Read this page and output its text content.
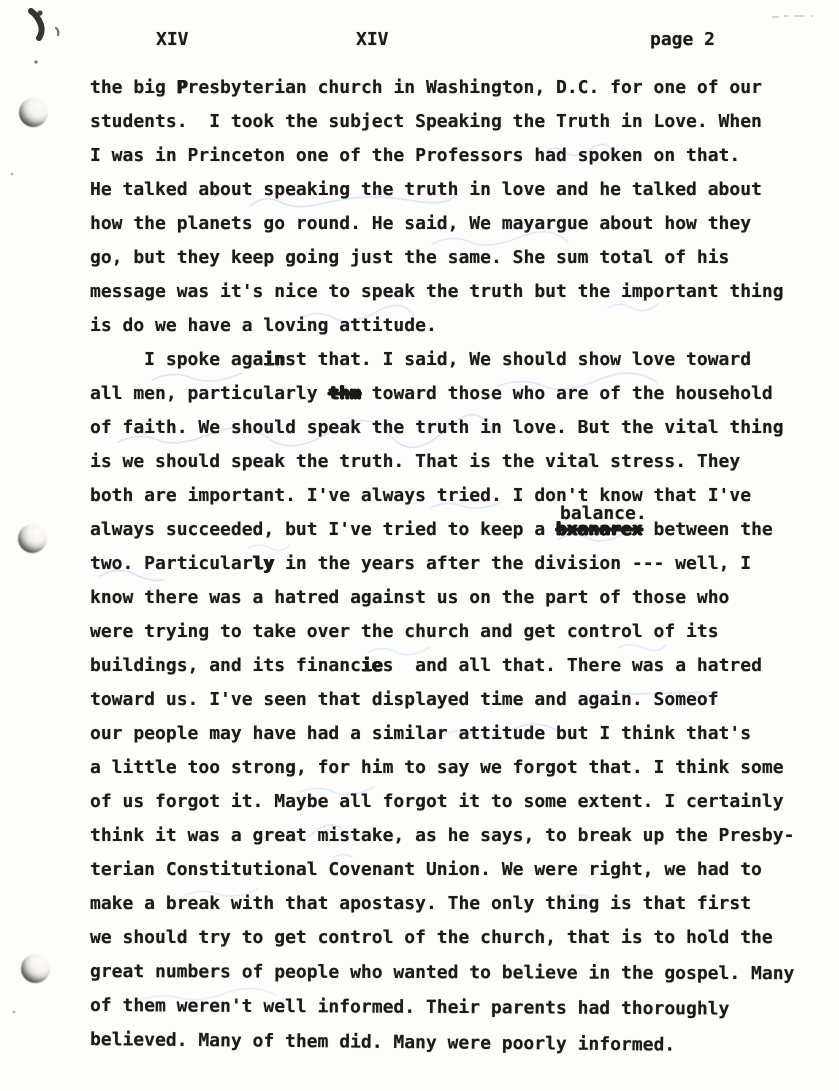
XIV	XIV	page 2
the big Presbyterian church in Washington, D.C. for one of our
students.  I took the subject Speaking the Truth in Love. When
I was in Princeton one of the Professors had spoken on that.
He talked about speaking the truth in love and he talked about
how the planets go round. He said, We mayargue about how they
go, but they keep going just the same. She sum total of his
message was it's nice to speak the truth but the important thing
is do we have a loving attitude.
I spoke against that. I said, We should show love toward
all men, particularly thm toward those who are of the household
of faith. We should speak the truth in love. But the vital thing
is we should speak the truth. That is the vital stress. They
both are important. I've always tried. I don't know that I've
always succeeded, but I've tried to keep a bxanarex
balance.
between the
two. Particularly in the years after the division --- well, I
know there was a hatred against us on the part of those who
were trying to take over the church and get control of its
buildings, and its financies  and all that. There was a hatred
toward us. I've seen that displayed time and again. Someof
our people may have had a similar attitude but I think that's
a little too strong, for him to say we forgot that. I think some
of us forgot it. Maybe all forgot it to some extent. I certainly
think it was a great mistake, as he says, to break up the Presby-
terian Constitutional Covenant Union. We were right, we had to
make a break with that apostasy. The only thing is that first
we should try to get control of the church, that is to hold the
great numbers of people who wanted to believe in the gospel. Many
of them weren't well informed. Their parents had thoroughly
believed. Many of them did. Many were poorly informed.
